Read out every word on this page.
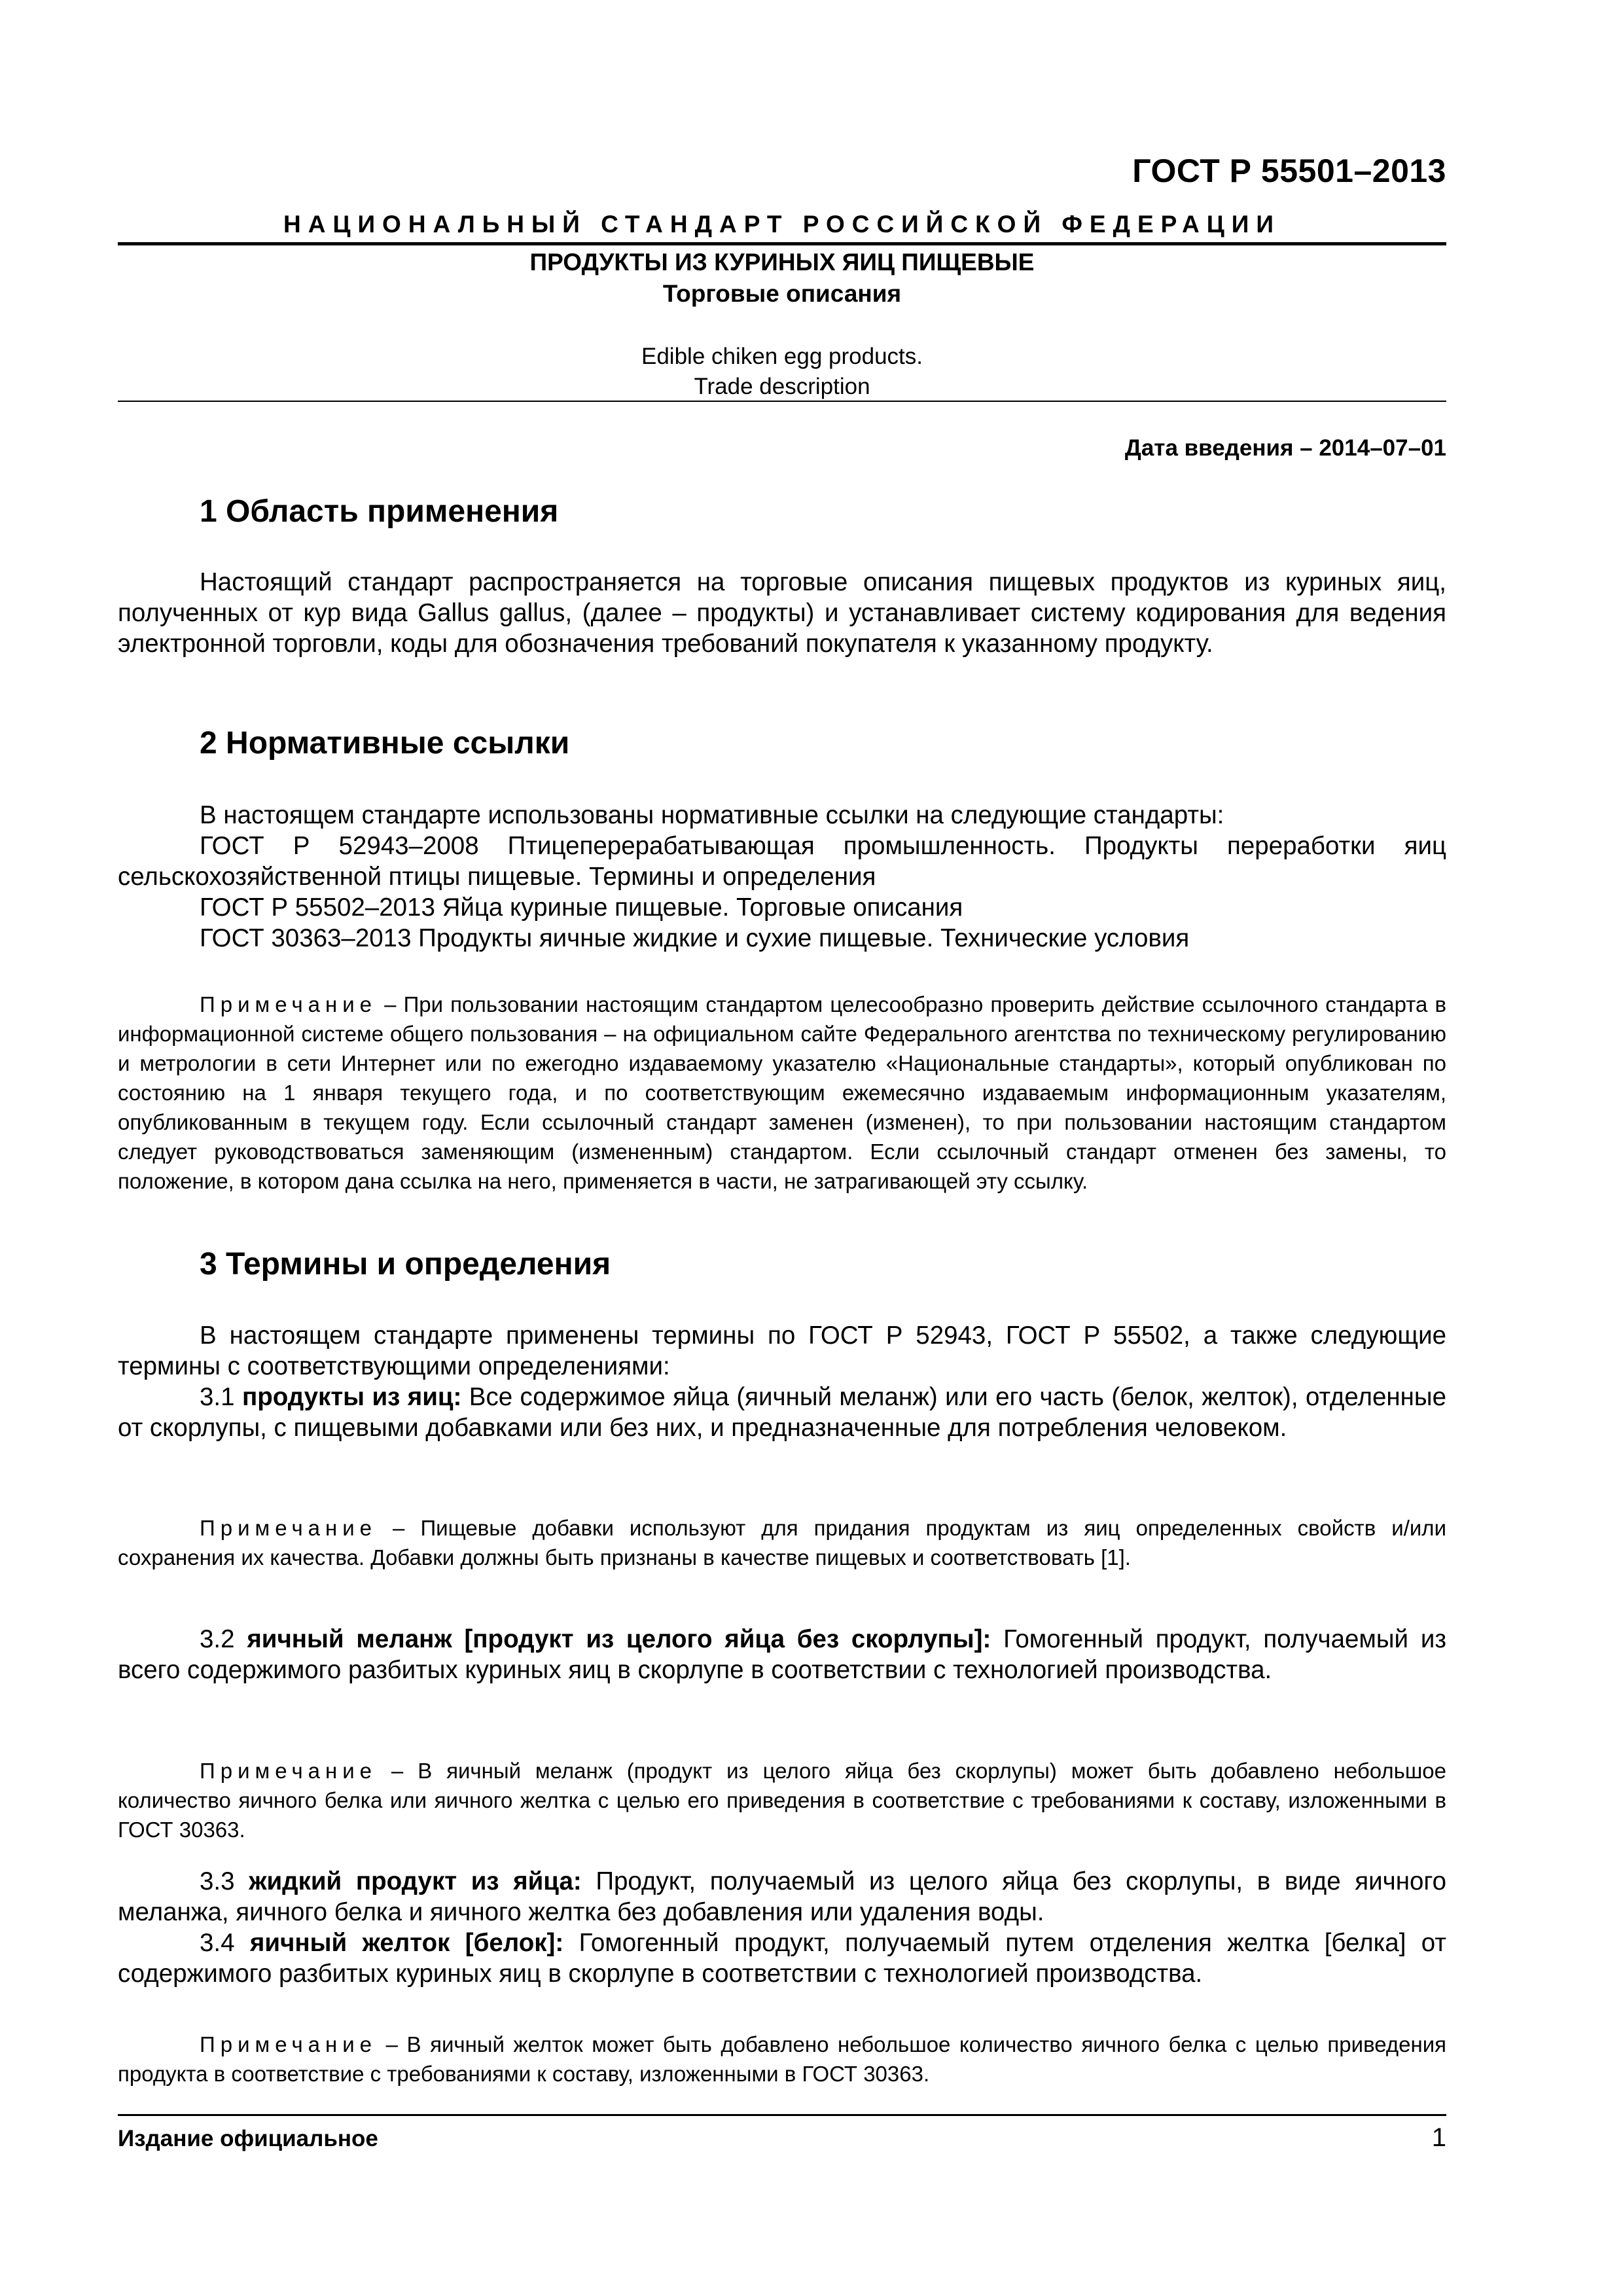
ГОСТ Р 55501–2013
НАЦИОНАЛЬНЫЙ СТАНДАРТ РОССИЙСКОЙ ФЕДЕРАЦИИ
ПРОДУКТЫ ИЗ КУРИНЫХ ЯИЦ ПИЩЕВЫЕ
Торговые описания
Edible chiken egg products.
Trade description
Дата введения – 2014–07–01
1 Область применения

Настоящий стандарт распространяется на торговые описания пищевых продуктов из куриных яиц, полученных от кур вида Gallus gallus, (далее – продукты) и устанавливает систему кодирования для ведения электронной торговли, коды для обозначения требований покупателя к указанному продукту.

2 Нормативные ссылки

В настоящем стандарте использованы нормативные ссылки на следующие стандарты:

ГОСТ Р 52943–2008 Птицеперерабатывающая промышленность. Продукты переработки яиц сельскохозяйственной птицы пищевые. Термины и определения

ГОСТ Р 55502–2013 Яйца куриные пищевые. Торговые описания

ГОСТ 30363–2013 Продукты яичные жидкие и сухие пищевые. Технические условия

Примечание – При пользовании настоящим стандартом целесообразно проверить действие ссылочного стандарта в информационной системе общего пользования – на официальном сайте Федерального агентства по техническому регулированию и метрологии в сети Интернет или по ежегодно издаваемому указателю «Национальные стандарты», который опубликован по состоянию на 1 января текущего года, и по соответствующим ежемесячно издаваемым информационным указателям, опубликованным в текущем году. Если ссылочный стандарт заменен (изменен), то при пользовании настоящим стандартом следует руководствоваться заменяющим (измененным) стандартом. Если ссылочный стандарт отменен без замены, то положение, в котором дана ссылка на него, применяется в части, не затрагивающей эту ссылку.

3 Термины и определения

В настоящем стандарте применены термины по ГОСТ Р 52943, ГОСТ Р 55502, а также следующие термины с соответствующими определениями:

3.1 продукты из яиц: Все содержимое яйца (яичный меланж) или его часть (белок, желток), отделенные от скорлупы, с пищевыми добавками или без них, и предназначенные для потребления человеком.

Примечание – Пищевые добавки используют для придания продуктам из яиц определенных свойств и/или сохранения их качества. Добавки должны быть признаны в качестве пищевых и соответствовать [1].

3.2 яичный меланж [продукт из целого яйца без скорлупы]: Гомогенный продукт, получаемый из всего содержимого разбитых куриных яиц в скорлупе в соответствии с технологией производства.

Примечание – В яичный меланж (продукт из целого яйца без скорлупы) может быть добавлено небольшое количество яичного белка или яичного желтка с целью его приведения в соответствие с требованиями к составу, изложенными в ГОСТ 30363.

3.3 жидкий продукт из яйца: Продукт, получаемый из целого яйца без скорлупы, в виде яичного меланжа, яичного белка и яичного желтка без добавления или удаления воды.

3.4 яичный желток [белок]: Гомогенный продукт, получаемый путем отделения желтка [белка] от содержимого разбитых куриных яиц в скорлупе в соответствии с технологией производства.

Примечание – В яичный желток может быть добавлено небольшое количество яичного белка с целью приведения продукта в соответствие с требованиями к составу, изложенными в ГОСТ 30363.

Издание официальное	1
